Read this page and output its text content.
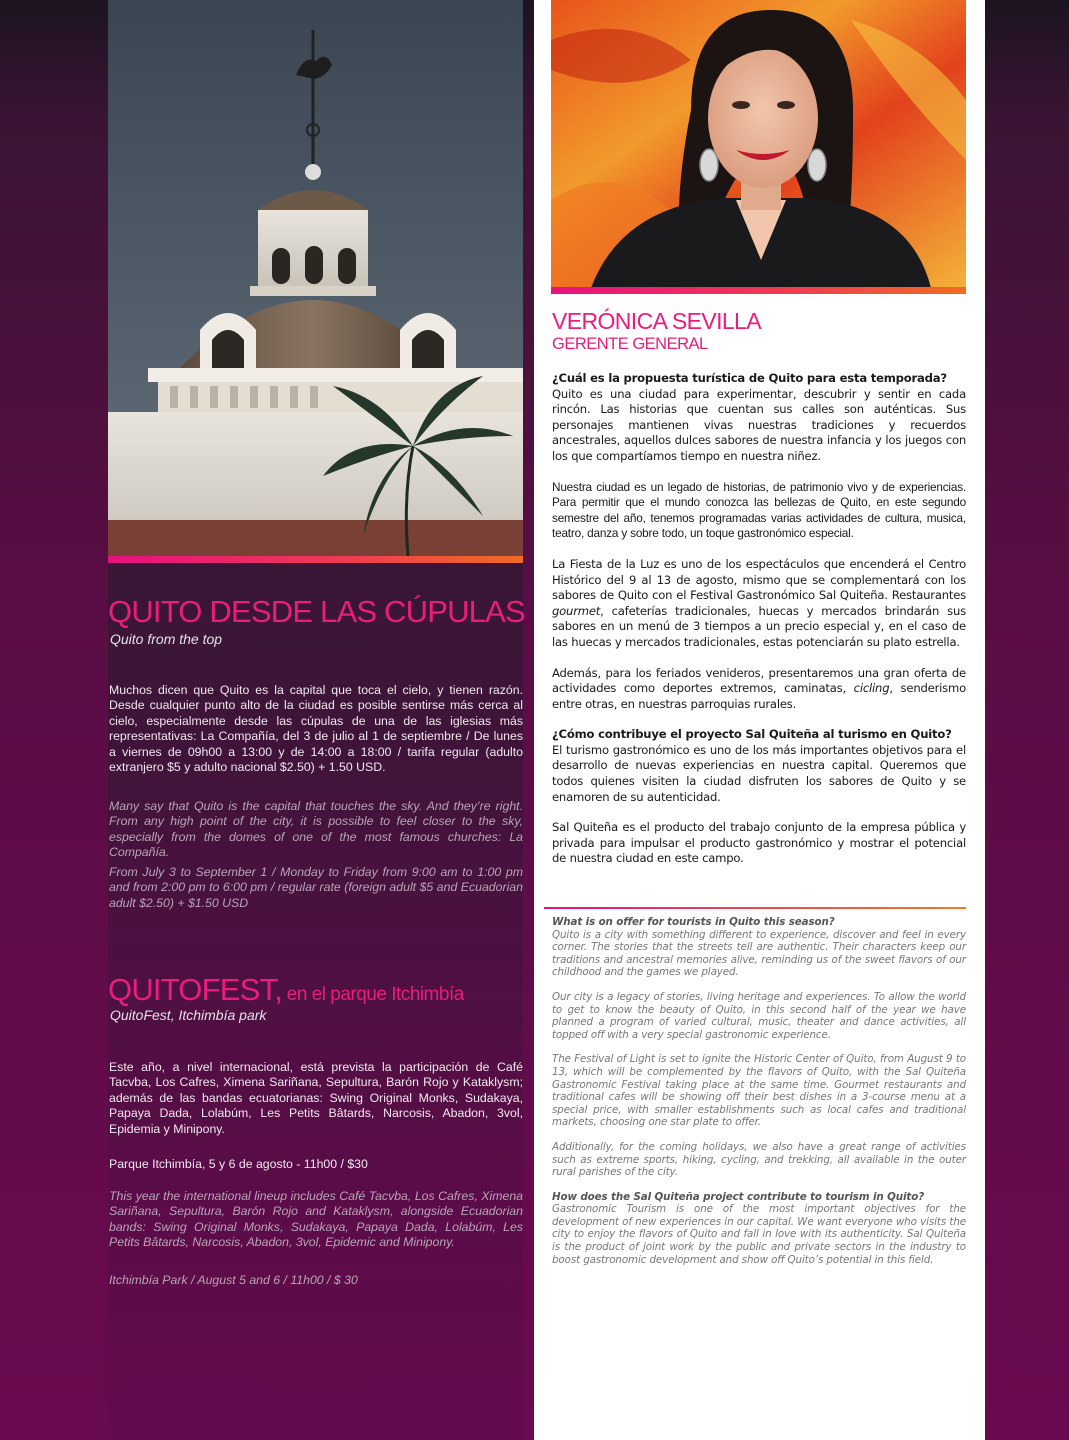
QUITO DESDE LAS CÚPULAS
Quito from the top
Muchos dicen que Quito es la capital que toca el cielo, y tienen razón. Desde cualquier punto alto de la ciudad es posible sentirse más cerca al cielo, especialmente desde las cúpulas de una de las iglesias más representativas: La Compañía, del 3 de julio al 1 de septiembre / De lunes a viernes de 09h00 a 13:00 y de 14:00 a 18:00 / tarifa regular (adulto extranjero $5 y adulto nacional $2.50) + 1.50 USD.
Many say that Quito is the capital that touches the sky. And they’re right. From any high point of the city, it is possible to feel closer to the sky, especially from the domes of one of the most famous churches: La Compañía.
From July 3 to September 1 / Monday to Friday from 9:00 am to 1:00 pm and from 2:00 pm to 6:00 pm / regular rate (foreign adult $5 and Ecuadorian adult $2.50) + $1.50 USD
QUITOFEST, en el parque Itchimbía
QuitoFest, Itchimbía park
Este año, a nivel internacional, está prevista la participación de Café Tacvba, Los Cafres, Ximena Sariñana, Sepultura, Barón Rojo y Kataklysm; además de las bandas ecuatorianas: Swing Original Monks, Sudakaya, Papaya Dada, Lolabúm, Les Petits Bâtards, Narcosis, Abadon, 3vol, Epidemia y Minipony.
Parque Itchimbía, 5 y 6 de agosto - 11h00 / $30
This year the international lineup includes Café Tacvba, Los Cafres, Ximena Sariñana, Sepultura, Barón Rojo and Kataklysm, alongside Ecuadorian bands: Swing Original Monks, Sudakaya, Papaya Dada, Lolabúm, Les Petits Bâtards, Narcosis, Abadon, 3vol, Epidemic and Minipony.
Itchimbía Park / August 5 and 6 / 11h00 / $ 30
VERÓNICA SEVILLA
GERENTE GENERAL
¿Cuál es la propuesta turística de Quito para esta temporada?
Quito es una ciudad para experimentar, descubrir y sentir en cada rincón. Las historias que cuentan sus calles son auténticas. Sus personajes mantienen vivas nuestras tradiciones y recuerdos ancestrales, aquellos dulces sabores de nuestra infancia y los juegos con los que compartíamos tiempo en nuestra niñez.
Nuestra ciudad es un legado de historias, de patrimonio vivo y de experiencias. Para permitir que el mundo conozca las bellezas de Quito, en este segundo semestre del año, tenemos programadas varias actividades de cultura, musica, teatro, danza y sobre todo, un toque gastronómico especial.
La Fiesta de la Luz es uno de los espectáculos que encenderá el Centro Histórico del 9 al 13 de agosto, mismo que se complementará con los sabores de Quito con el Festival Gastronómico Sal Quiteña. Restaurantes gourmet, cafeterías tradicionales, huecas y mercados brindarán sus sabores en un menú de 3 tiempos a un precio especial y, en el caso de las huecas y mercados tradicionales, estas potenciarán su plato estrella.
Además, para los feriados venideros, presentaremos una gran oferta de actividades como deportes extremos, caminatas, cicling, senderismo entre otras, en nuestras parroquias rurales.
¿Cómo contribuye el proyecto Sal Quiteña al turismo en Quito?
El turismo gastronómico es uno de los más importantes objetivos para el desarrollo de nuevas experiencias en nuestra capital. Queremos que todos quienes visiten la ciudad disfruten los sabores de Quito y se enamoren de su autenticidad.
Sal Quiteña es el producto del trabajo conjunto de la empresa pública y privada para impulsar el producto gastronómico y mostrar el potencial de nuestra ciudad en este campo.
What is on offer for tourists in Quito this season?
Quito is a city with something different to experience, discover and feel in every corner. The stories that the streets tell are authentic. Their characters keep our traditions and ancestral memories alive, reminding us of the sweet flavors of our childhood and the games we played.
Our city is a legacy of stories, living heritage and experiences. To allow the world to get to know the beauty of Quito, in this second half of the year we have planned a program of varied cultural, music, theater and dance activities, all topped off with a very special gastronomic experience.
The Festival of Light is set to ignite the Historic Center of Quito, from August 9 to 13, which will be complemented by the flavors of Quito, with the Sal Quiteña Gastronomic Festival taking place at the same time. Gourmet restaurants and traditional cafes will be showing off their best dishes in a 3-course menu at a special price, with smaller establishments such as local cafes and traditional markets, choosing one star plate to offer.
Additionally, for the coming holidays, we also have a great range of activities such as extreme sports, hiking, cycling, and trekking, all available in the outer rural parishes of the city.
How does the Sal Quiteña project contribute to tourism in Quito?
Gastronomic Tourism is one of the most important objectives for the development of new experiences in our capital. We want everyone who visits the city to enjoy the flavors of Quito and fall in love with its authenticity. Sal Quiteña is the product of joint work by the public and private sectors in the industry to boost gastronomic development and show off Quito’s potential in this field.
